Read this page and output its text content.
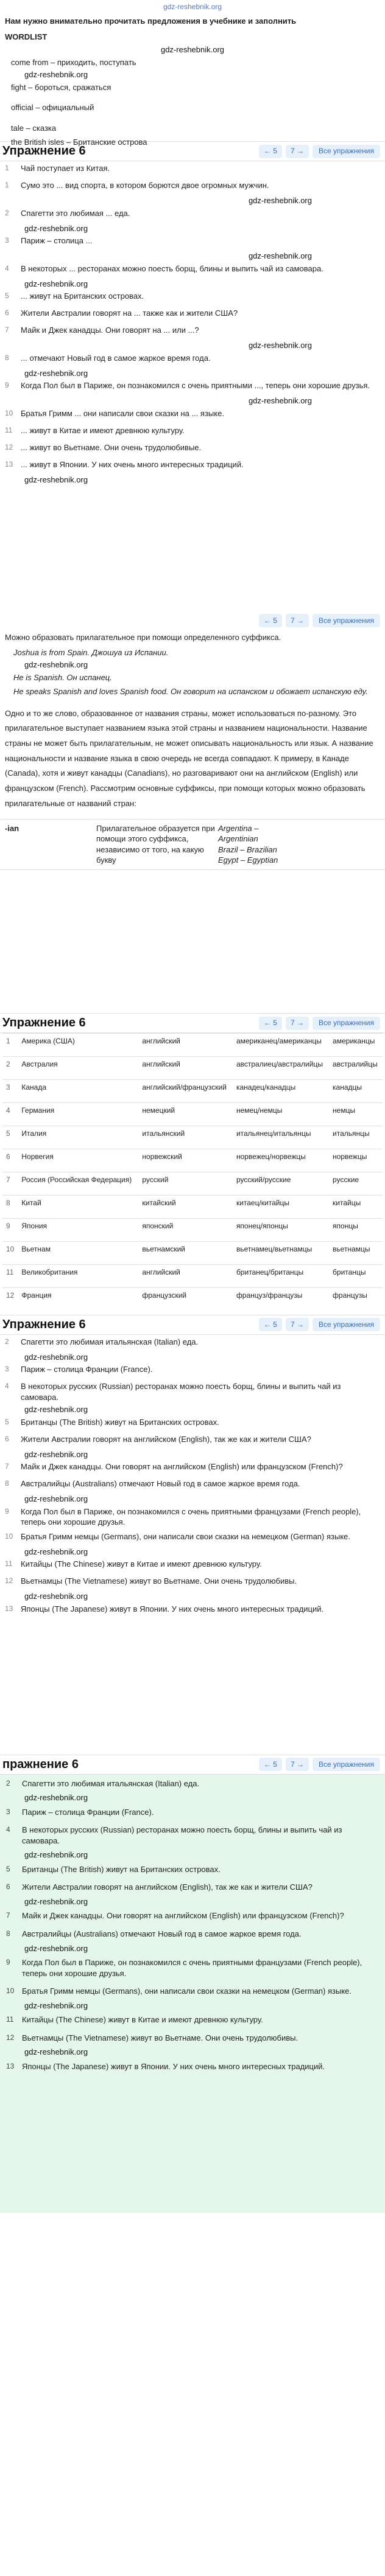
gdz-reshebnik.org
Нам нужно внимательно прочитать предложения в учебнике и заполнить
WORDLIST
gdz-reshebnik.org
come from – приходить, поступать
gdz-reshebnik.org
fight – бороться, сражаться
official – официальный
tale – сказка
the British isles – Британские острова
Упражнение 6	← 5 7 →	Все упражнения
1	Чай поступает из Китая.
1	Сумо это ... вид спорта, в котором борются двое огромных мужчин.
gdz-reshebnik.org
2	Спагетти это любимая ... еда.
gdz-reshebnik.org
3	Париж – столица ...
gdz-reshebnik.org
4	В некоторых ... ресторанах можно поесть борщ, блины и выпить чай из самовара.
gdz-reshebnik.org
5	... живут на Британских островах.
6	Жители Австралии говорят на ... также как и жители США?
7	Майк и Джек канадцы. Они говорят на ... или ...?
gdz-reshebnik.org
8	... отмечают Новый год в самое жаркое время года.
gdz-reshebnik.org
9	Когда Пол был в Париже, он познакомился с очень приятными ..., теперь они хорошие друзья.
gdz-reshebnik.org
10 Братья Гримм ... они написали свои сказки на ... языке.
11 ... живут в Китае и имеют древнюю культуру.
12 ... живут во Вьетнаме. Они очень трудолюбивые.
13 ... живут в Японии. У них очень много интересных традиций.
gdz-reshebnik.org
← 5 7 →	Все упражнения
Можно образовать прилагательное при помощи определенного суффикса.
Joshua is from Spain. Джошуа из Испании.
gdz-reshebnik.org
He is Spanish. Он испанец.
He speaks Spanish and loves Spanish food. Он говорит на испанском и обожает испанскую еду.
Одно и то же слово, образованное от названия страны, может использоваться по-разному. Это прилагательное выступает названием языка этой страны и названием национальности. Название страны не может быть прилагательным, не может описывать национальность или язык. А название национальности и название языка в свою очередь не всегда совпадают. К примеру, в Канаде (Canada), хотя и живут канадцы (Canadians), но разговаривают они на английском (English) или французском (French). Рассмотрим основные суффиксы, при помощи которых можно образовать прилагательные от названий стран:
-ian	Прилагательное образуется при помощи этого суффикса, независимо от того, на какую букву
Argentina –
Argentinian
Brazil – Brazilian
Egypt – Egyptian
Упражнение 6	← 5 7 →	Все упражнения
1	Америка (США)	английский	американец/американцы	американцы
2	Австралия	английский	австралиец/австралийцы	австралийцы
3	Канада	английский/французский	канадец/канадцы	канадцы
4	Германия	немецкий	немец/немцы	немцы
5	Италия	итальянский	итальянец/итальянцы	итальянцы
6	Норвегия	норвежский	норвежец/норвежцы	норвежцы
7	Россия (Российская Федерация)	русский	русский/русские	русские
8	Китай	китайский	китаец/китайцы	китайцы
9	Япония	японский	японец/японцы	японцы
10	Вьетнам	вьетнамский	вьетнамец/вьетнамцы	вьетнамцы
11	Великобритания	английский	британец/британцы	британцы
12	Франция	французский	француз/французы	французы
Упражнение 6	← 5 7 →	Все упражнения
2	Спагетти это любимая итальянская (Italian) еда.
gdz-reshebnik.org
3	Париж – столица Франции (France).
4	В некоторых русских (Russian) ресторанах можно поесть борщ, блины и выпить чай из самовара.
gdz-reshebnik.org
5	Британцы (The British) живут на Британских островах.
6	Жители Австралии говорят на английском (English), так же как и жители США?
gdz-reshebnik.org
7	Майк и Джек канадцы. Они говорят на английском (English) или французском (French)?
8	Австралийцы (Australians) отмечают Новый год в самое жаркое время года.
gdz-reshebnik.org
9	Когда Пол был в Париже, он познакомился с очень приятными французами (French people), теперь они хорошие друзья.
10 Братья Гримм немцы (Germans), они написали свои сказки на немецком (German) языке.
gdz-reshebnik.org
11 Китайцы (The Chinese) живут в Китае и имеют древнюю культуру.
12 Вьетнамцы (The Vietnamese) живут во Вьетнаме. Они очень трудолюбивы.
gdz-reshebnik.org
13 Японцы (The Japanese) живут в Японии. У них очень много интересных традиций.
пражнение 6	← 5 7 →	Все упражнения
2	Спагетти это любимая итальянская (Italian) еда.
gdz-reshebnik.org
3	Париж – столица Франции (France).
4	В некоторых русских (Russian) ресторанах можно поесть борщ, блины и выпить чай из самовара.
gdz-reshebnik.org
5	Британцы (The British) живут на Британских островах.
6	Жители Австралии говорят на английском (English), так же как и жители США?
gdz-reshebnik.org
7	Майк и Джек канадцы. Они говорят на английском (English) или французском (French)?
8	Австралийцы (Australians) отмечают Новый год в самое жаркое время года.
gdz-reshebnik.org
9	Когда Пол был в Париже, он познакомился с очень приятными французами (French people), теперь они хорошие друзья.
10 Братья Гримм немцы (Germans), они написали свои сказки на немецком (German) языке.
gdz-reshebnik.org
11 Китайцы (The Chinese) живут в Китае и имеют древнюю культуру.
12 Вьетнамцы (The Vietnamese) живут во Вьетнаме. Они очень трудолюбивы.
gdz-reshebnik.org
13 Японцы (The Japanese) живут в Японии. У них очень много интересных традиций.
